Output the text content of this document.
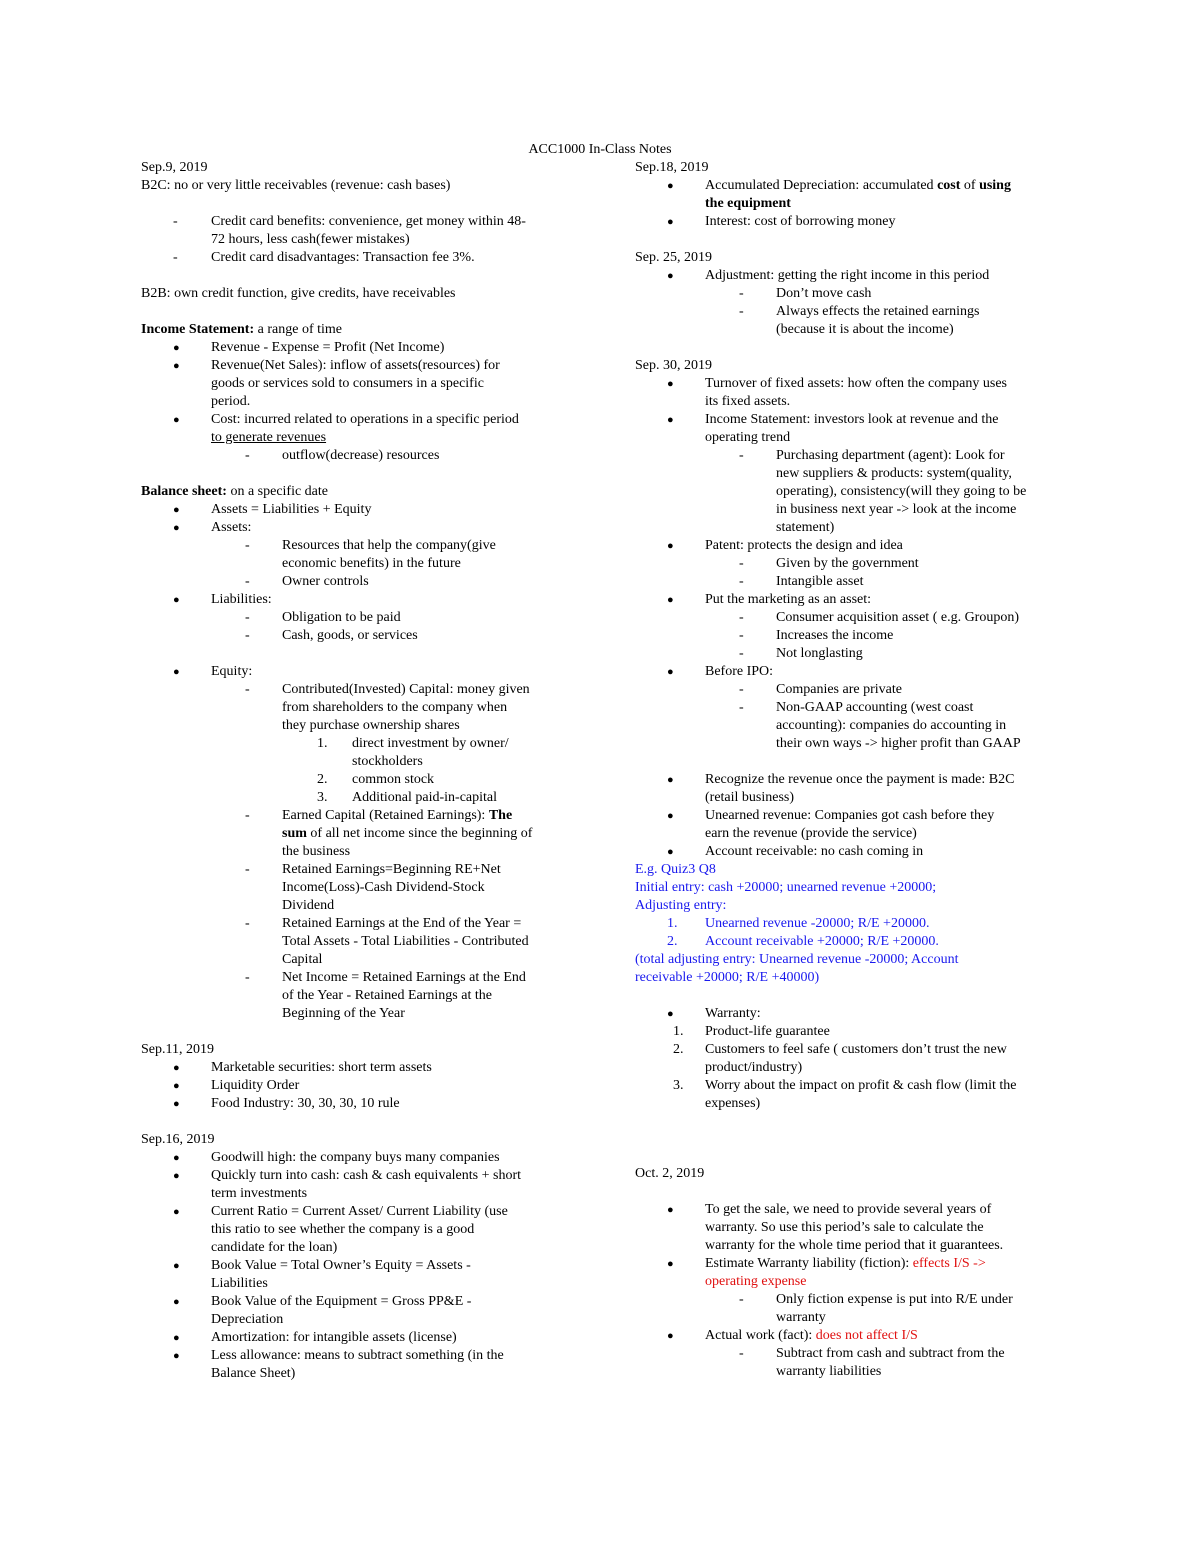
ACC1000 In-Class Notes
Sep.9, 2019
B2C: no or very little receivables (revenue: cash bases)
- Credit card benefits: convenience, get money within 48-
72 hours, less cash(fewer mistakes)
- Credit card disadvantages: Transaction fee 3%.
B2B: own credit function, give credits, have receivables
Income Statement: a range of time
● Revenue - Expense = Profit (Net Income)
● Revenue(Net Sales): inflow of assets(resources) for
goods or services sold to consumers in a specific
period.
● Cost: incurred related to operations in a specific period
to generate revenues
- outflow(decrease) resources
Balance sheet: on a specific date
● Assets = Liabilities + Equity
● Assets:
- Resources that help the company(give
economic benefits) in the future
- Owner controls
● Liabilities:
- Obligation to be paid
- Cash, goods, or services
● Equity:
- Contributed(Invested) Capital: money given
from shareholders to the company when
they purchase ownership shares
1. direct investment by owner/
stockholders
2. common stock
3. Additional paid-in-capital
- Earned Capital (Retained Earnings): The
sum of all net income since the beginning of
the business
- Retained Earnings=Beginning RE+Net
Income(Loss)-Cash Dividend-Stock
Dividend
- Retained Earnings at the End of the Year =
Total Assets - Total Liabilities - Contributed
Capital
- Net Income = Retained Earnings at the End
of the Year - Retained Earnings at the
Beginning of the Year
Sep.11, 2019
● Marketable securities: short term assets
● Liquidity Order
● Food Industry: 30, 30, 30, 10 rule
Sep.16, 2019
● Goodwill high: the company buys many companies
● Quickly turn into cash: cash & cash equivalents + short
term investments
● Current Ratio = Current Asset/ Current Liability (use
this ratio to see whether the company is a good
candidate for the loan)
● Book Value = Total Owner’s Equity = Assets -
Liabilities
● Book Value of the Equipment = Gross PP&E -
Depreciation
● Amortization: for intangible assets (license)
● Less allowance: means to subtract something (in the
Balance Sheet)
Sep.18, 2019
● Accumulated Depreciation: accumulated cost of using
the equipment
● Interest: cost of borrowing money
Sep. 25, 2019
● Adjustment: getting the right income in this period
- Don’t move cash
- Always effects the retained earnings
(because it is about the income)
Sep. 30, 2019
● Turnover of fixed assets: how often the company uses
its fixed assets.
● Income Statement: investors look at revenue and the
operating trend
- Purchasing department (agent): Look for
new suppliers & products: system(quality,
operating), consistency(will they going to be
in business next year -> look at the income
statement)
● Patent: protects the design and idea
- Given by the government
- Intangible asset
● Put the marketing as an asset:
- Consumer acquisition asset ( e.g. Groupon)
- Increases the income
- Not longlasting
● Before IPO:
- Companies are private
- Non-GAAP accounting (west coast
accounting): companies do accounting in
their own ways -> higher profit than GAAP
● Recognize the revenue once the payment is made: B2C
(retail business)
● Unearned revenue: Companies got cash before they
earn the revenue (provide the service)
● Account receivable: no cash coming in
E.g. Quiz3 Q8
Initial entry: cash +20000; unearned revenue +20000;
Adjusting entry:
1. Unearned revenue -20000; R/E +20000.
2. Account receivable +20000; R/E +20000.
(total adjusting entry: Unearned revenue -20000; Account
receivable +20000; R/E +40000)
● Warranty:
1. Product-life guarantee
2. Customers to feel safe ( customers don’t trust the new
product/industry)
3. Worry about the impact on profit & cash flow (limit the
expenses)
Oct. 2, 2019
● To get the sale, we need to provide several years of
warranty. So use this period’s sale to calculate the
warranty for the whole time period that it guarantees.
● Estimate Warranty liability (fiction): effects I/S ->
operating expense
- Only fiction expense is put into R/E under
warranty
● Actual work (fact): does not affect I/S
- Subtract from cash and subtract from the
warranty liabilities
